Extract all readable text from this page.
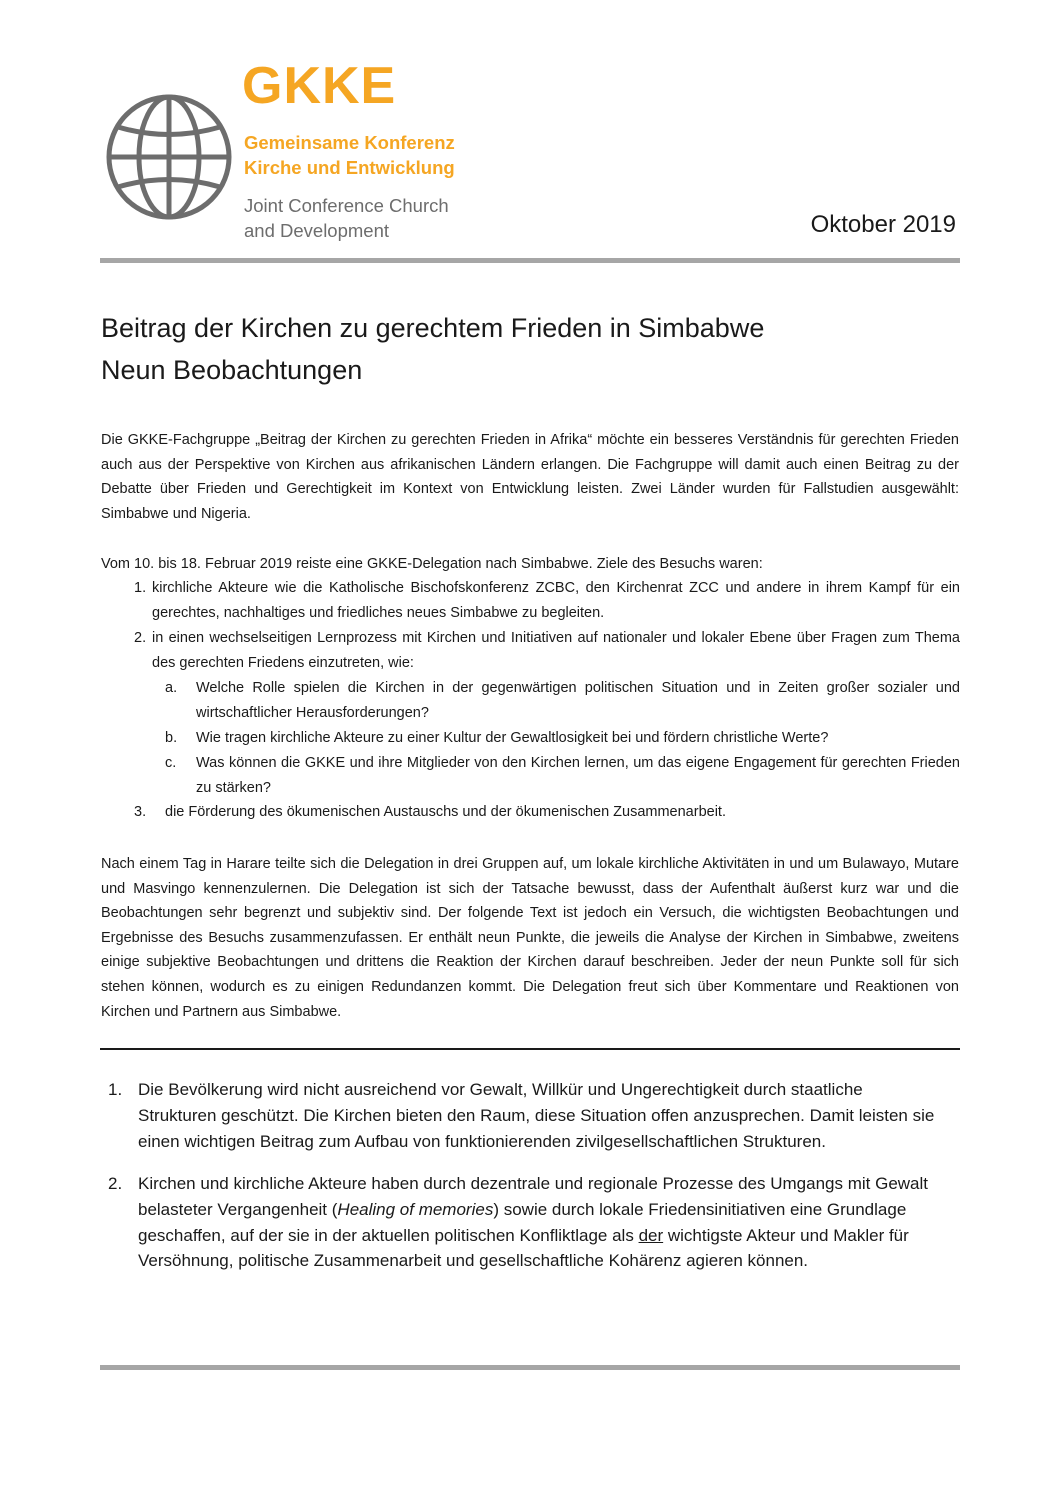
GKKE

Gemeinsame Konferenz
Kirche und Entwicklung

Joint Conference Church
and Development	Oktober 2019

Beitrag der Kirchen zu gerechtem Frieden in Simbabwe
Neun Beobachtungen

Die GKKE-Fachgruppe „Beitrag der Kirchen zu gerechten Frieden in Afrika“ möchte ein besseres Verständnis für gerechten Frieden auch aus der Perspektive von Kirchen aus afrikanischen Ländern erlangen. Die Fachgruppe will damit auch einen Beitrag zu der Debatte über Frieden und Gerechtigkeit im Kontext von Entwicklung leisten. Zwei Länder wurden für Fallstudien ausgewählt: Simbabwe und Nigeria.

Vom 10. bis 18. Februar 2019 reiste eine GKKE-Delegation nach Simbabwe. Ziele des Besuchs waren:

1. kirchliche Akteure wie die Katholische Bischofskonferenz ZCBC, den Kirchenrat ZCC und andere in ihrem Kampf für ein gerechtes, nachhaltiges und friedliches neues Simbabwe zu begleiten.
2. in einen wechselseitigen Lernprozess mit Kirchen und Initiativen auf nationaler und lokaler Ebene über Fragen zum Thema des gerechten Friedens einzutreten, wie:
a. Welche Rolle spielen die Kirchen in der gegenwärtigen politischen Situation und in Zeiten großer sozialer und wirtschaftlicher Herausforderungen?
b. Wie tragen kirchliche Akteure zu einer Kultur der Gewaltlosigkeit bei und fördern christliche Werte?
c. Was können die GKKE und ihre Mitglieder von den Kirchen lernen, um das eigene Engagement für gerechten Frieden zu stärken?
3. die Förderung des ökumenischen Austauschs und der ökumenischen Zusammenarbeit.

Nach einem Tag in Harare teilte sich die Delegation in drei Gruppen auf, um lokale kirchliche Aktivitäten in und um Bulawayo, Mutare und Masvingo kennenzulernen. Die Delegation ist sich der Tatsache bewusst, dass der Aufenthalt äußerst kurz war und die Beobachtungen sehr begrenzt und subjektiv sind. Der folgende Text ist jedoch ein Versuch, die wichtigsten Beobachtungen und Ergebnisse des Besuchs zusammenzufassen. Er enthält neun Punkte, die jeweils die Analyse der Kirchen in Simbabwe, zweitens einige subjektive Beobachtungen und drittens die Reaktion der Kirchen darauf beschreiben. Jeder der neun Punkte soll für sich stehen können, wodurch es zu einigen Redundanzen kommt. Die Delegation freut sich über Kommentare und Reaktionen von Kirchen und Partnern aus Simbabwe.

1. Die Bevölkerung wird nicht ausreichend vor Gewalt, Willkür und Ungerechtigkeit durch staatliche Strukturen geschützt. Die Kirchen bieten den Raum, diese Situation offen anzusprechen. Damit leisten sie einen wichtigen Beitrag zum Aufbau von funktionierenden zivilgesellschaftlichen Strukturen.

2. Kirchen und kirchliche Akteure haben durch dezentrale und regionale Prozesse des Umgangs mit Gewalt belasteter Vergangenheit (Healing of memories) sowie durch lokale Friedensinitiativen eine Grundlage geschaffen, auf der sie in der aktuellen politischen Konfliktlage als der wichtigste Akteur und Makler für Versöhnung, politische Zusammenarbeit und gesellschaftliche Kohärenz agieren können.
